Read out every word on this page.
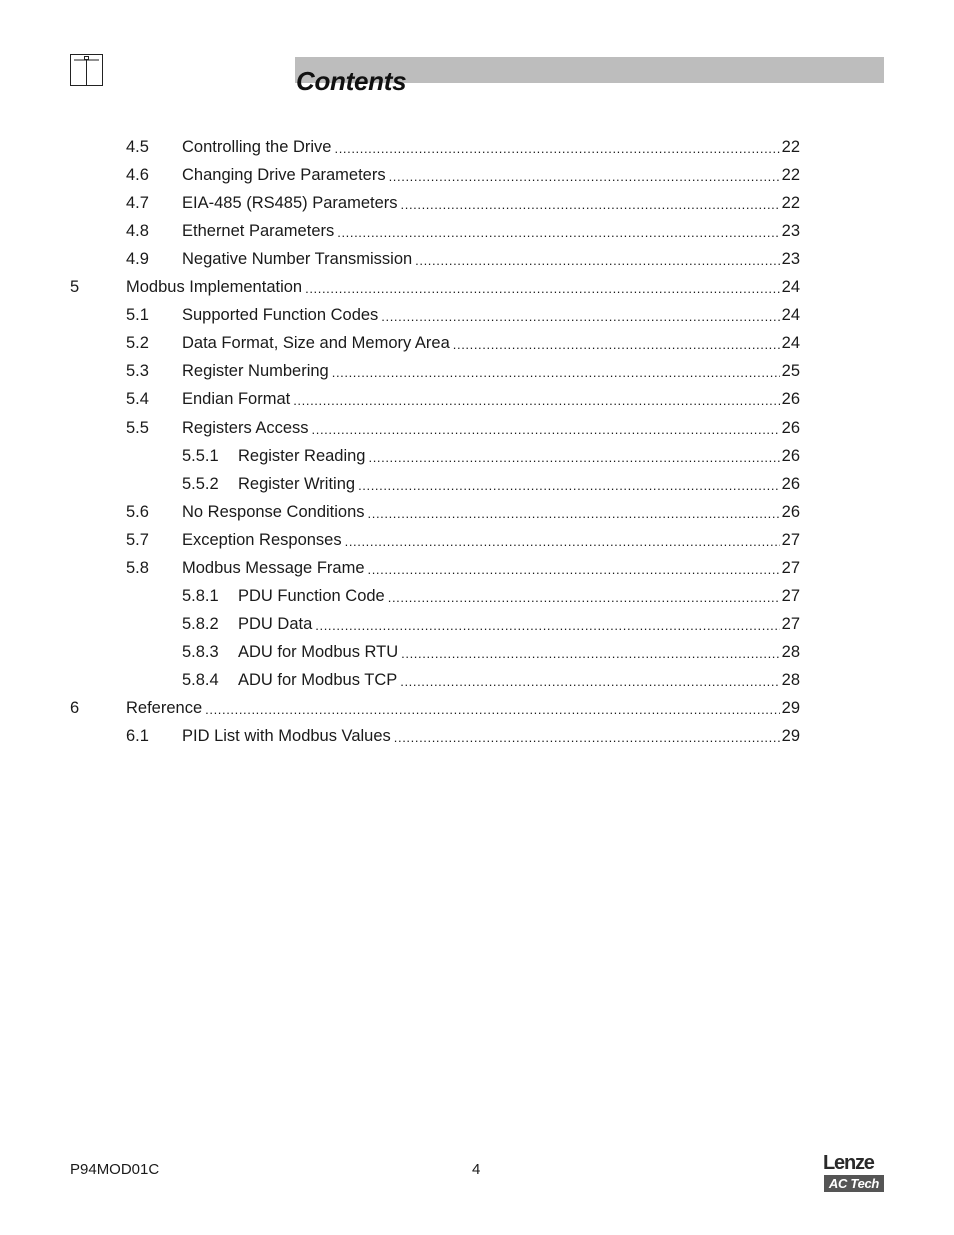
Contents
4.5 Controlling the Drive .....	22
4.6 Changing Drive Parameters .....	22
4.7 EIA-485 (RS485) Parameters .....	22
4.8 Ethernet Parameters .....	23
4.9 Negative Number Transmission .....	23
5	Modbus Implementation .....	24
5.1 Supported Function Codes .....	24
5.2 Data Format, Size and Memory Area .....	24
5.3 Register Numbering .....	25
5.4 Endian Format .....	26
5.5 Registers Access .....	26
5.5.1 Register Reading .....	26
5.5.2 Register Writing .....	26
5.6 No Response Conditions .....	26
5.7 Exception Responses .....	27
5.8 Modbus Message Frame .....	27
5.8.1 PDU Function Code .....	27
5.8.2 PDU Data .....	27
5.8.3 ADU for Modbus RTU .....	28
5.8.4 ADU for Modbus TCP .....	28
6	Reference .....	29
6.1 PID List with Modbus Values .....	29
P94MOD01C	4	Lenze
AC Tech
